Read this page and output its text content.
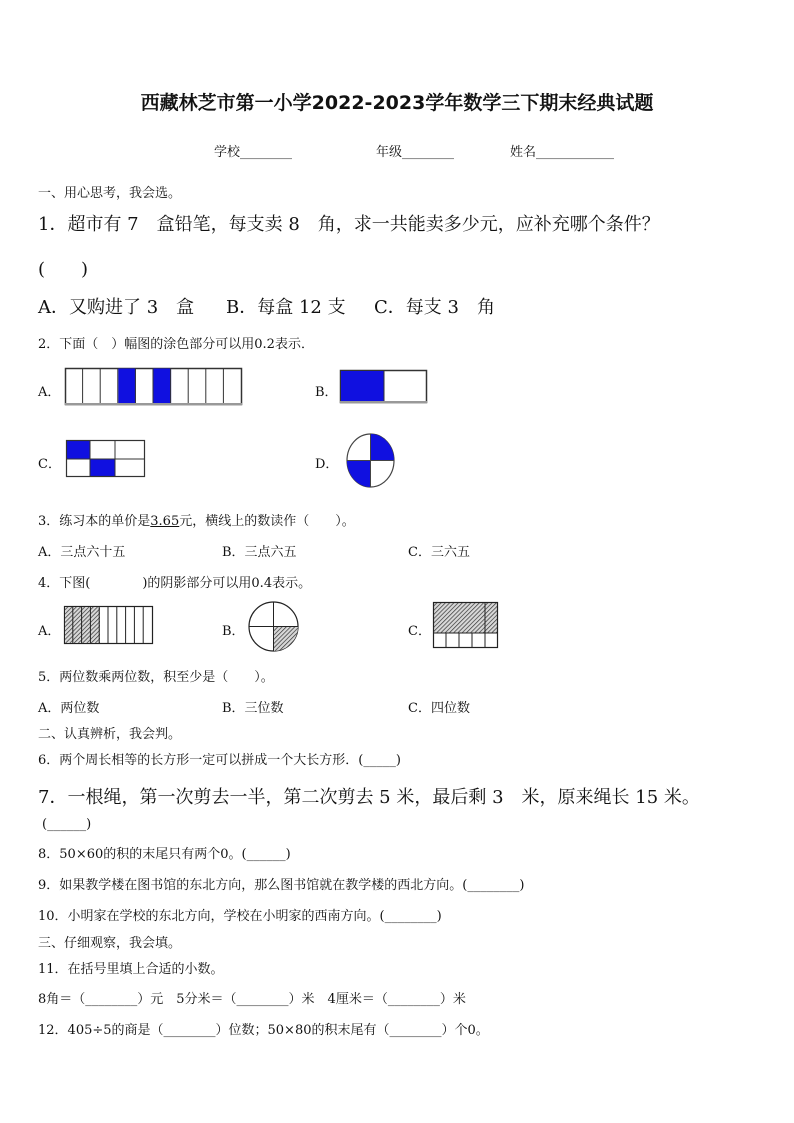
西藏林芝市第一小学2022-2023学年数学三下期末经典试题
学校________	年级________	姓名____________
一、用心思考，我会选。
1．超市有 7　盒铅笔，每支卖 8　角，求一共能卖多少元，应补充哪个条件？
(　　)
A．又购进了 3　盒 B．每盒 12 支 C．每支 3　角
2．下面（　）幅图的涂色部分可以用0.2表示．
A．	B．
C．	D．
3．练习本的单价是3.65元，横线上的数读作（　　）。
A．三点六十五	B．三点六五	C．三六五
4．下图(　　　　)的阴影部分可以用0.4表示。
A．	B．	C．
5．两位数乘两位数，积至少是（　　）。
A．两位数	B．三位数	C．四位数
二、认真辨析，我会判。
6．两个周长相等的长方形一定可以拼成一个大长方形．(_____)
7．一根绳，第一次剪去一半，第二次剪去 5 米，最后剩 3　米，原来绳长 15 米。
(______)
8．50×60的积的末尾只有两个0。(______)
9．如果教学楼在图书馆的东北方向，那么图书馆就在教学楼的西北方向。(________)
10．小明家在学校的东北方向，学校在小明家的西南方向。(________)
三、仔细观察，我会填。
11．在括号里填上合适的小数。
8角＝（________）元　5分米＝（________）米　4厘米＝（________）米
12．405÷5的商是（________）位数；50×80的积末尾有（________）个0。
